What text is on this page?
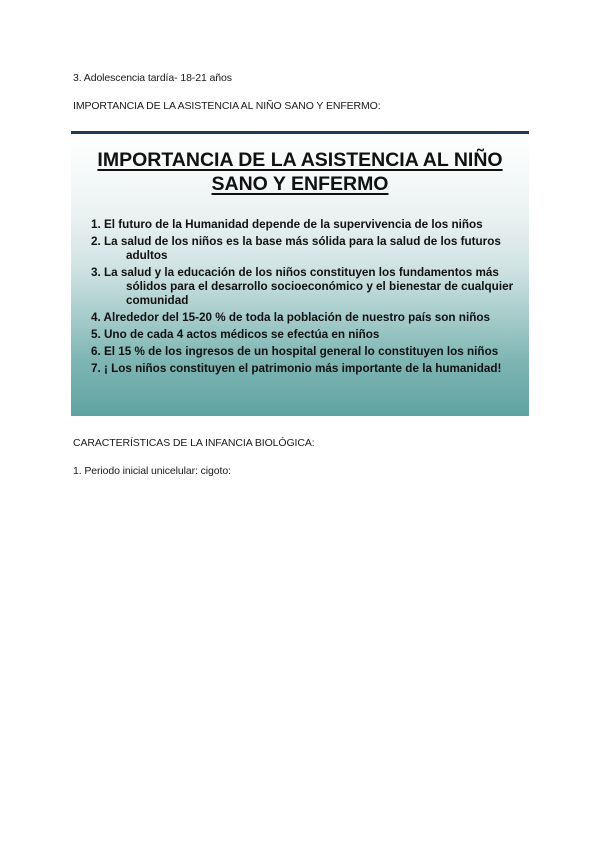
3. Adolescencia tardía- 18-21 años
IMPORTANCIA DE LA ASISTENCIA AL NIÑO SANO Y ENFERMO:
IMPORTANCIA DE LA ASISTENCIA AL NIÑO
SANO Y ENFERMO
1. El futuro de la Humanidad depende de la supervivencia de los niños
2. La salud de los niños es la base más sólida para la salud de los futuros adultos
3. La salud y la educación de los niños constituyen los fundamentos más sólidos para el desarrollo socioeconómico y el bienestar de cualquier comunidad
4. Alrededor del 15-20 % de toda la población de nuestro país son niños
5. Uno de cada 4 actos médicos se efectúa en niños
6. El 15 % de los ingresos de un hospital general lo constituyen los niños
7. ¡ Los niños constituyen el patrimonio más importante de la humanidad!
CARACTERÍSTICAS DE LA INFANCIA BIOLÓGICA:
1. Periodo inicial unicelular: cigoto:
